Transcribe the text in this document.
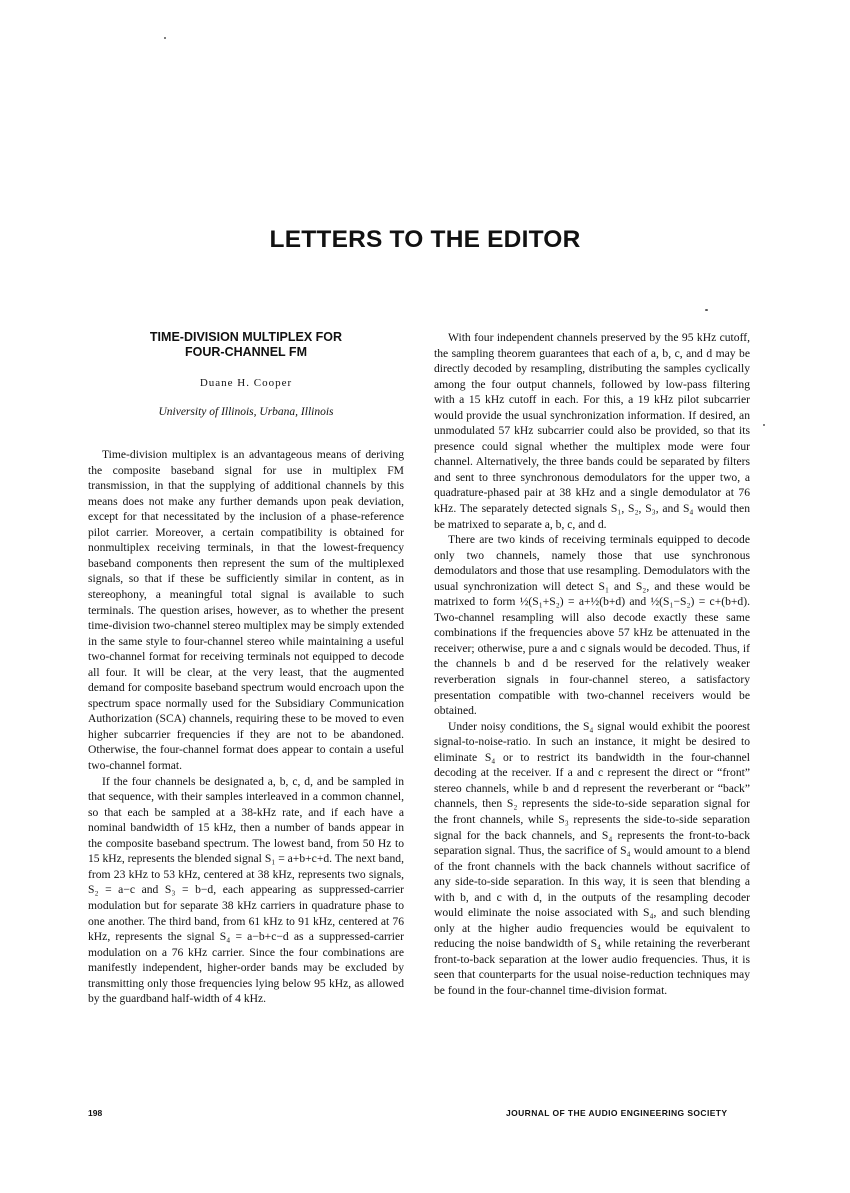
LETTERS TO THE EDITOR
TIME-DIVISION MULTIPLEX FOR
FOUR-CHANNEL FM
Duane H. Cooper
University of Illinois, Urbana, Illinois

Time-division multiplex is an advantageous means of deriving the composite baseband signal for use in multiplex FM transmission, in that the supplying of additional channels by this means does not make any further demands upon peak deviation, except for that necessitated by the inclusion of a phase-reference pilot carrier. Moreover, a certain compatibility is obtained for nonmultiplex receiving terminals, in that the lowest-frequency baseband components then represent the sum of the multiplexed signals, so that if these be sufficiently similar in content, as in stereophony, a meaningful total signal is available to such terminals. The question arises, however, as to whether the present time-division two-channel stereo multiplex may be simply extended in the same style to four-channel stereo while maintaining a useful two-channel format for receiving terminals not equipped to decode all four. It will be clear, at the very least, that the augmented demand for composite baseband spectrum would encroach upon the spectrum space normally used for the Subsidiary Communication Authorization (SCA) channels, requiring these to be moved to even higher subcarrier frequencies if they are not to be abandoned. Otherwise, the four-channel format does appear to contain a useful two-channel format.

If the four channels be designated a, b, c, d, and be sampled in that sequence, with their samples interleaved in a common channel, so that each be sampled at a 38-kHz rate, and if each have a nominal bandwidth of 15 kHz, then a number of bands appear in the composite baseband spectrum. The lowest band, from 50 Hz to 15 kHz, represents the blended signal S₁ = a+b+c+d. The next band, from 23 kHz to 53 kHz, centered at 38 kHz, represents two signals, S₂ = a−c and S₃ = b−d, each appearing as suppressed-carrier modulation but for separate 38 kHz carriers in quadrature phase to one another. The third band, from 61 kHz to 91 kHz, centered at 76 kHz, represents the signal S₄ = a−b+c−d as a suppressed-carrier modulation on a 76 kHz carrier. Since the four combinations are manifestly independent, higher-order bands may be excluded by transmitting only those frequencies lying below 95 kHz, as allowed by the guardband half-width of 4 kHz.

With four independent channels preserved by the 95 kHz cutoff, the sampling theorem guarantees that each of a, b, c, and d may be directly decoded by resampling, distributing the samples cyclically among the four output channels, followed by low-pass filtering with a 15 kHz cutoff in each. For this, a 19 kHz pilot subcarrier would provide the usual synchronization information. If desired, an unmodulated 57 kHz subcarrier could also be provided, so that its presence could signal whether the multiplex mode were four channel. Alternatively, the three bands could be separated by filters and sent to three synchronous demodulators for the upper two, a quadrature-phased pair at 38 kHz and a single demodulator at 76 kHz. The separately detected signals S₁, S₂, S₃, and S₄ would then be matrixed to separate a, b, c, and d.

There are two kinds of receiving terminals equipped to decode only two channels, namely those that use synchronous demodulators and those that use resampling. Demodulators with the usual synchronization will detect S₁ and S₂, and these would be matrixed to form ½(S₁+S₂) = a+½(b+d) and ½(S₁−S₂) = c+(b+d). Two-channel resampling will also decode exactly these same combinations if the frequencies above 57 kHz be attenuated in the receiver; otherwise, pure a and c signals would be decoded. Thus, if the channels b and d be reserved for the relatively weaker reverberation signals in four-channel stereo, a satisfactory presentation compatible with two-channel receivers would be obtained.

Under noisy conditions, the S₄ signal would exhibit the poorest signal-to-noise-ratio. In such an instance, it might be desired to eliminate S₄ or to restrict its bandwidth in the four-channel decoding at the receiver. If a and c represent the direct or “front” stereo channels, while b and d represent the reverberant or “back” channels, then S₂ represents the side-to-side separation signal for the front channels, while S₃ represents the side-to-side separation signal for the back channels, and S₄ represents the front-to-back separation signal. Thus, the sacrifice of S₄ would amount to a blend of the front channels with the back channels without sacrifice of any side-to-side separation. In this way, it is seen that blending a with b, and c with d, in the outputs of the resampling decoder would eliminate the noise associated with S₄, and such blending only at the higher audio frequencies would be equivalent to reducing the noise bandwidth of S₄ while retaining the reverberant front-to-back separation at the lower audio frequencies. Thus, it is seen that counterparts for the usual noise-reduction techniques may be found in the four-channel time-division format.

198	JOURNAL OF THE AUDIO ENGINEERING SOCIETY
